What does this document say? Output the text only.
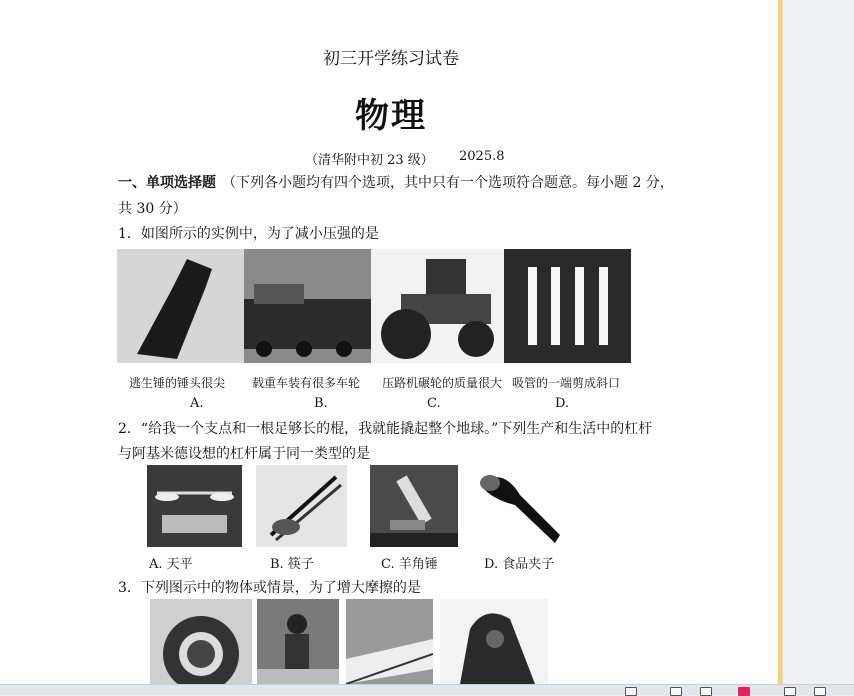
初三开学练习试卷
物理
（清华附中初 23 级） 2025.8
一、单项选择题 （下列各小题均有四个选项，其中只有一个选项符合题意。每小题 2 分，
共 30 分）
1．如图所示的实例中，为了减小压强的是
逃生锤的锤头很尖 载重车装有很多车轮 压路机碾轮的质量很大 吸管的一端剪成斜口
A.	B.	C.	D.
2．“给我一个支点和一根足够长的棍，我就能撬起整个地球。”下列生产和生活中的杠杆
与阿基米德设想的杠杆属于同一类型的是
A. 天平	B. 筷子	C. 羊角锤	D. 食品夹子
3．下列图示中的物体或情景，为了增大摩擦的是
